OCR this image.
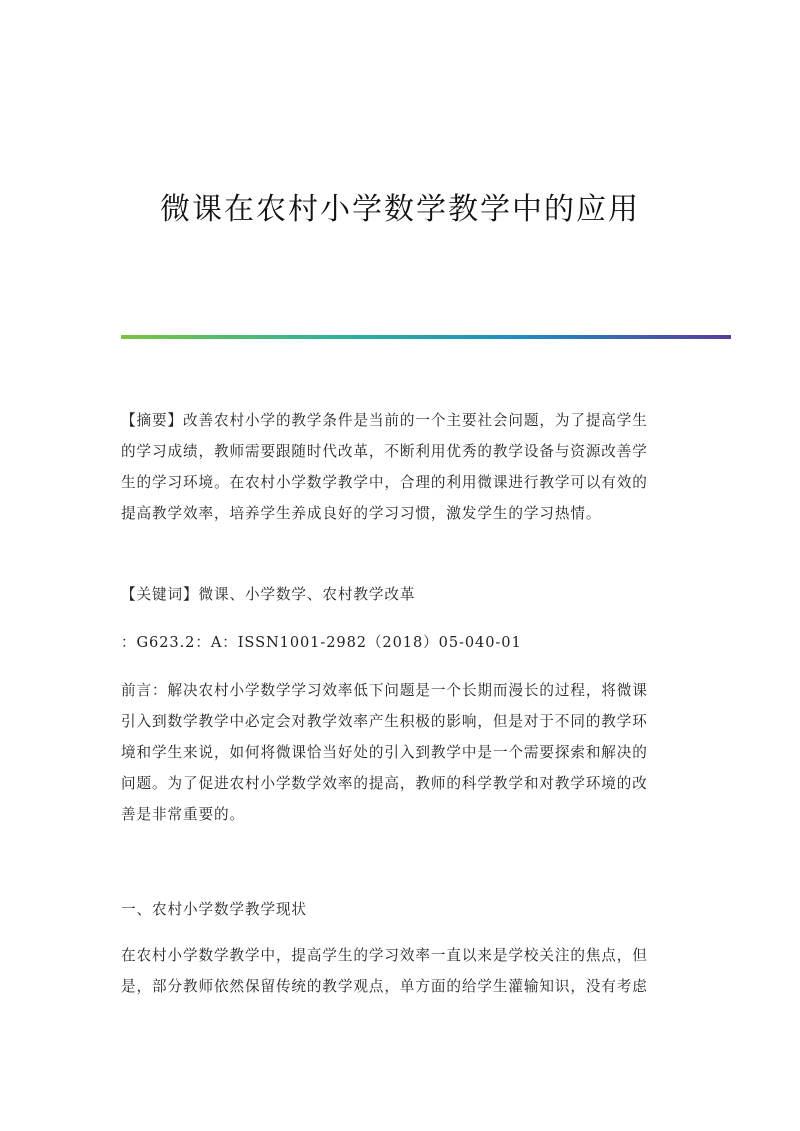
微课在农村小学数学教学中的应用

【摘要】改善农村小学的教学条件是当前的一个主要社会问题，为了提高学生
的学习成绩，教师需要跟随时代改革，不断利用优秀的教学设备与资源改善学
生的学习环境。在农村小学数学教学中，合理的利用微课进行教学可以有效的
提高教学效率，培养学生养成良好的学习习惯，激发学生的学习热情。

【关键词】微课、小学数学、农村教学改革

：G623.2：A：ISSN1001-2982（2018）05-040-01

前言：解决农村小学数学学习效率低下问题是一个长期而漫长的过程，将微课
引入到数学教学中必定会对教学效率产生积极的影响，但是对于不同的教学环
境和学生来说，如何将微课恰当好处的引入到教学中是一个需要探索和解决的
问题。为了促进农村小学数学效率的提高，教师的科学教学和对教学环境的改
善是非常重要的。

一、农村小学数学教学现状

在农村小学数学教学中，提高学生的学习效率一直以来是学校关注的焦点，但
是，部分教师依然保留传统的教学观点，单方面的给学生灌输知识，没有考虑
